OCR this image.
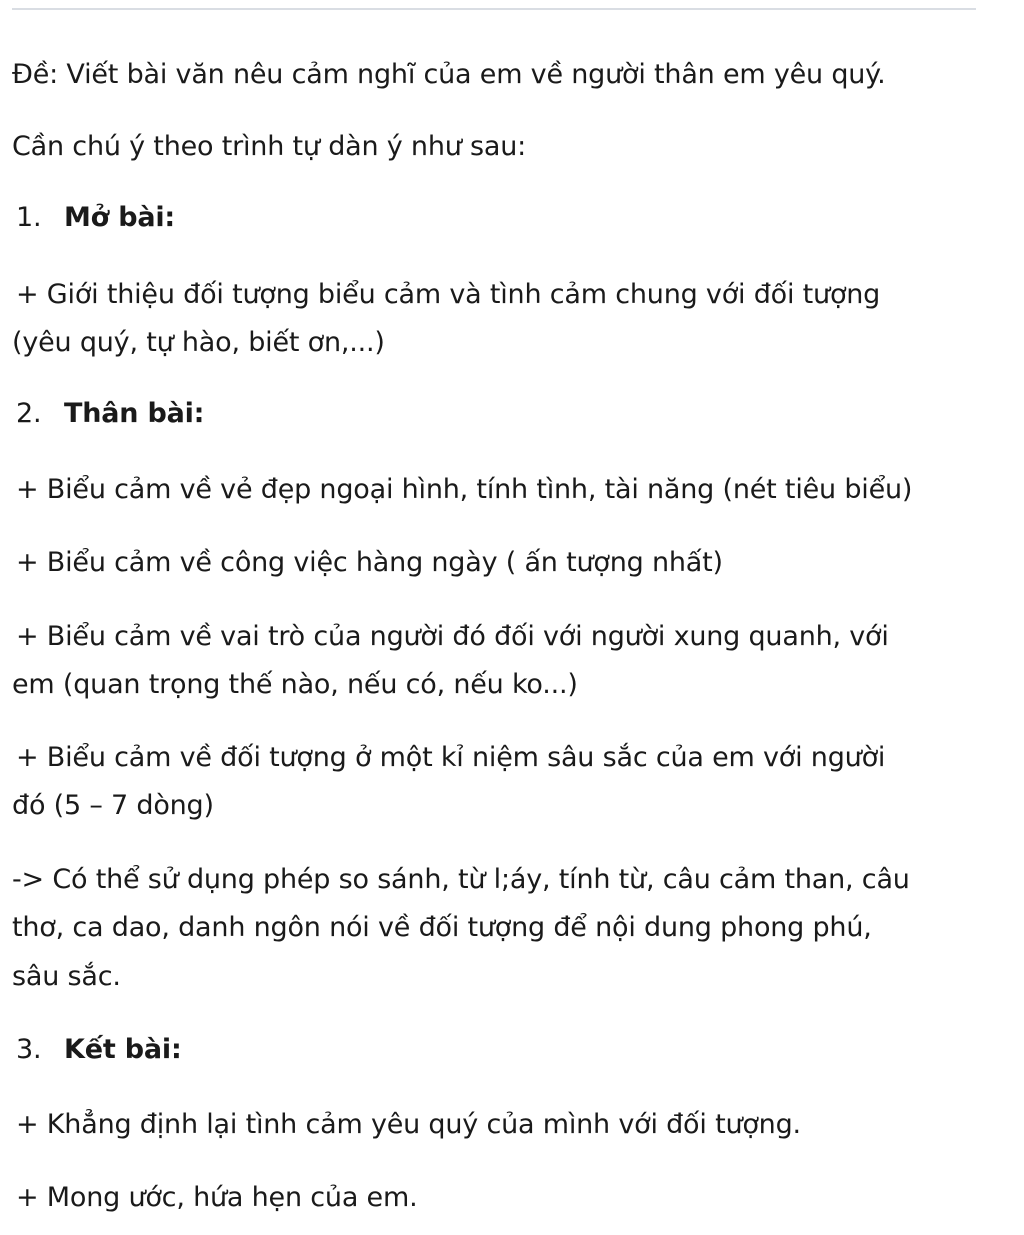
Đề: Viết bài văn nêu cảm nghĩ của em về người thân em yêu quý.
Cần chú ý theo trình tự dàn ý như sau:
1. Mở bài:
+ Giới thiệu đối tượng biểu cảm và tình cảm chung với đối tượng
(yêu quý, tự hào, biết ơn,...)
2. Thân bài:
+ Biểu cảm về vẻ đẹp ngoại hình, tính tình, tài năng (nét tiêu biểu)
+ Biểu cảm về công việc hàng ngày ( ấn tượng nhất)
+ Biểu cảm về vai trò của người đó đối với người xung quanh, với
em (quan trọng thế nào, nếu có, nếu ko...)
+ Biểu cảm về đối tượng ở một kỉ niệm sâu sắc của em với người
đó (5 – 7 dòng)
-> Có thể sử dụng phép so sánh, từ l;áy, tính từ, câu cảm than, câu
thơ, ca dao, danh ngôn nói về đối tượng để nội dung phong phú,
sâu sắc.
3. Kết bài:
+ Khẳng định lại tình cảm yêu quý của mình với đối tượng.
+ Mong ước, hứa hẹn của em.
